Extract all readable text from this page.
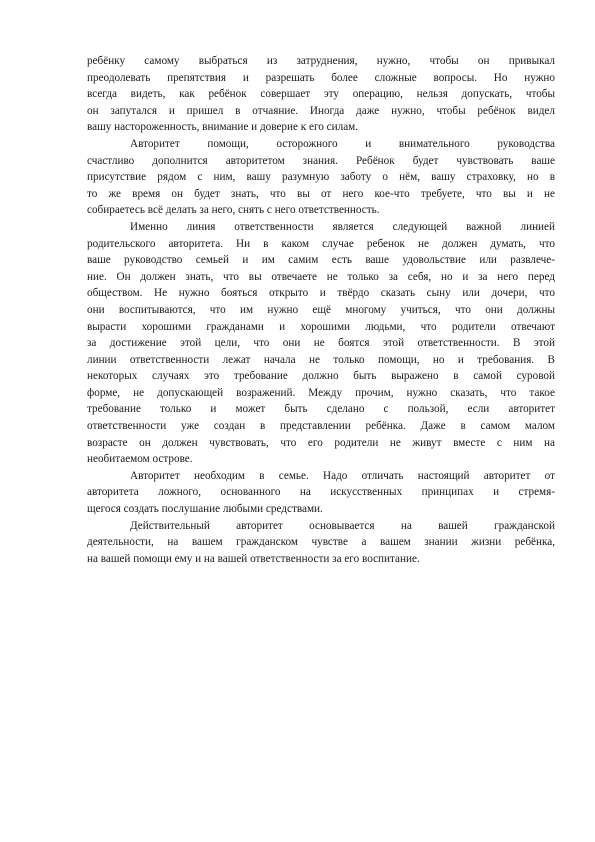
ребёнку самому выбраться из затруднения, нужно, чтобы он привыкал
преодолевать препятствия и разрешать более сложные вопросы. Но нужно
всегда видеть, как ребёнок совершает эту операцию, нельзя допускать, чтобы
он запутался и пришел в отчаяние. Иногда даже нужно, чтобы ребёнок видел
вашу настороженность, внимание и доверие к его силам.
Авторитет помощи, осторожного и внимательного руководства
счастливо дополнится авторитетом знания. Ребёнок будет чувствовать ваше
присутствие рядом с ним, вашу разумную заботу о нём, вашу страховку, но в
то же время он будет знать, что вы от него кое-что требуете, что вы и не
собираетесь всё делать за него, снять с него ответственность.
Именно линия ответственности является следующей важной линией
родительского авторитета. Ни в каком случае ребенок не должен думать, что
ваше руководство семьей и им самим есть ваше удовольствие или развлече-
ние. Он должен знать, что вы отвечаете не только за себя, но и за него перед
обществом. Не нужно бояться открыто и твёрдо сказать сыну или дочери, что
они воспитываются, что им нужно ещё многому учиться, что они должны
вырасти хорошими гражданами и хорошими людьми, что родители отвечают
за достижение этой цели, что они не боятся этой ответственности. В этой
линии ответственности лежат начала не только помощи, но и требования. В
некоторых случаях это требование должно быть выражено в самой суровой
форме, не допускающей возражений. Между прочим, нужно сказать, что такое
требование только и может быть сделано с пользой, если авторитет
ответственности уже создан в представлении ребёнка. Даже в самом малом
возрасте он должен чувствовать, что его родители не живут вместе с ним на
необитаемом острове.
Авторитет необходим в семье. Надо отличать настоящий авторитет от
авторитета ложного, основанного на искусственных принципах и стремя-
щегося создать послушание любыми средствами.
Действительный авторитет основывается на вашей гражданской
деятельности, на вашем гражданском чувстве а вашем знании жизни ребёнка,
на вашей помощи ему и на вашей ответственности за его воспитание.
